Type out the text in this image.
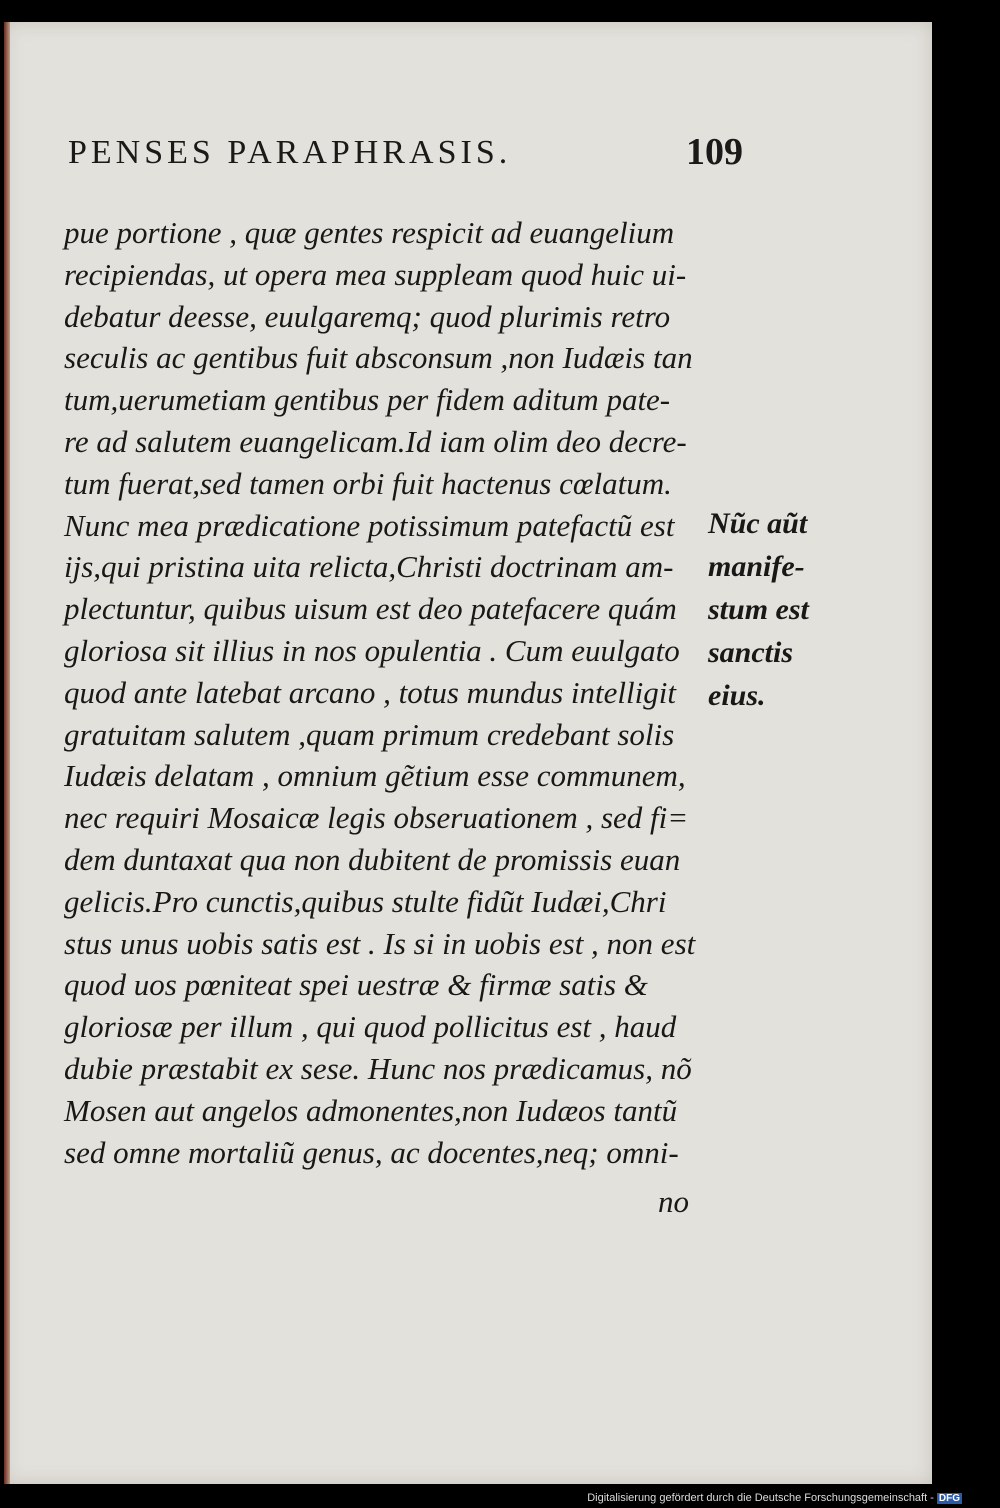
PENSES PARAPHRASIS.	109
pue portione , quæ gentes respicit ad euangelium
recipiendas, ut opera mea suppleam quod huic ui-
debatur deesse, euulgaremq; quod plurimis retro
seculis ac gentibus fuit absconsum ,non Iudæis tan
tum,uerumetiam gentibus per fidem aditum pate-
re ad salutem euangelicam.Id iam olim deo decre-
tum fuerat,sed tamen orbi fuit hactenus cœlatum.
Nunc mea prædicatione potissimum patefactũ est
ijs,qui pristina uita relicta,Christi doctrinam am-
plectuntur, quibus uisum est deo patefacere quám
gloriosa sit illius in nos opulentia . Cum euulgato
quod ante latebat arcano , totus mundus intelligit
gratuitam salutem ,quam primum credebant solis
Iudæis delatam , omnium gẽtium esse communem,
nec requiri Mosaicæ legis obseruationem , sed fi=
dem duntaxat qua non dubitent de promissis euan
gelicis.Pro cunctis,quibus stulte fidũt Iudæi,Chri
stus unus uobis satis est . Is si in uobis est , non est
quod uos pœniteat spei uestræ & firmæ satis &
gloriosæ per illum , qui quod pollicitus est , haud
dubie præstabit ex sese. Hunc nos prædicamus, nõ
Mosen aut angelos admonentes,non Iudæos tantũ
sed omne mortaliũ genus, ac docentes,neq; omni-
no
Nũc aũt
manife-
stum est
sanctis
eius.
Digitalisierung gefördert durch die Deutsche Forschungsgemeinschaft - DFG
